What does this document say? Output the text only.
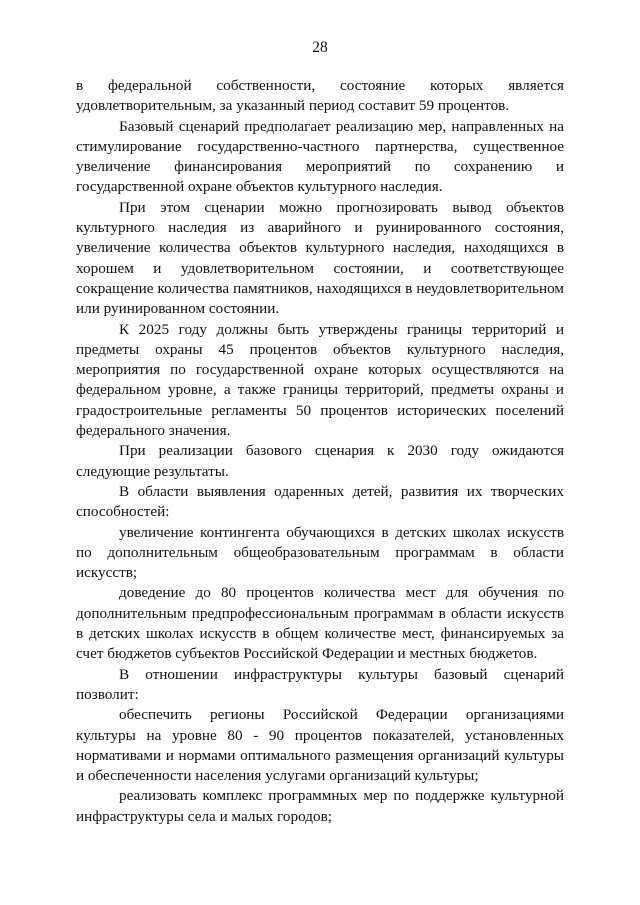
28

в федеральной собственности, состояние которых является удовлетворительным, за указанный период составит 59 процентов.

Базовый сценарий предполагает реализацию мер, направленных на стимулирование государственно-частного партнерства, существенное увеличение финансирования мероприятий по сохранению и государственной охране объектов культурного наследия.

При этом сценарии можно прогнозировать вывод объектов культурного наследия из аварийного и руинированного состояния, увеличение количества объектов культурного наследия, находящихся в хорошем и удовлетворительном состоянии, и соответствующее сокращение количества памятников, находящихся в неудовлетворительном или руинированном состоянии.

К 2025 году должны быть утверждены границы территорий и предметы охраны 45 процентов объектов культурного наследия, мероприятия по государственной охране которых осуществляются на федеральном уровне, а также границы территорий, предметы охраны и градостроительные регламенты 50 процентов исторических поселений федерального значения.

При реализации базового сценария к 2030 году ожидаются следующие результаты.

В области выявления одаренных детей, развития их творческих способностей:

увеличение контингента обучающихся в детских школах искусств по дополнительным общеобразовательным программам в области искусств;

доведение до 80 процентов количества мест для обучения по дополнительным предпрофессиональным программам в области искусств в детских школах искусств в общем количестве мест, финансируемых за счет бюджетов субъектов Российской Федерации и местных бюджетов.

В отношении инфраструктуры культуры базовый сценарий позволит:

обеспечить регионы Российской Федерации организациями культуры на уровне 80 - 90 процентов показателей, установленных нормативами и нормами оптимального размещения организаций культуры и обеспеченности населения услугами организаций культуры;

реализовать комплекс программных мер по поддержке культурной инфраструктуры села и малых городов;
